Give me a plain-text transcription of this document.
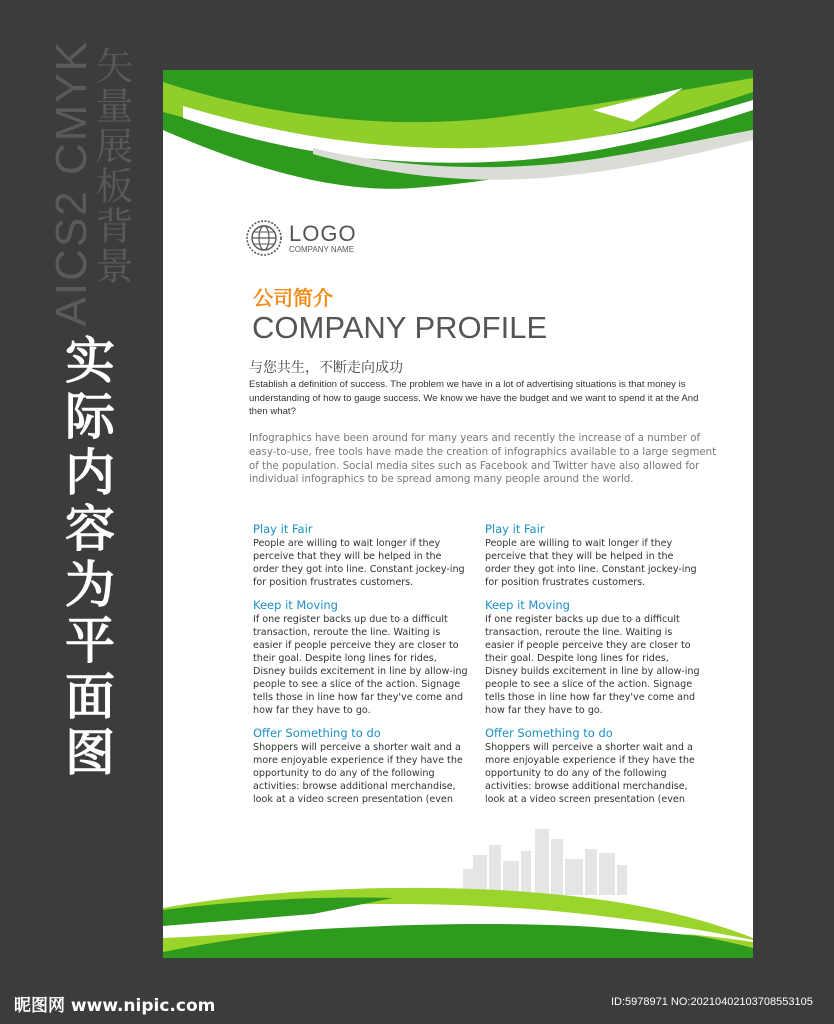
AICS2 CMYK
矢量展板背景
实际内容为平面图
LOGO
COMPANY NAME
公司简介
COMPANY PROFILE
与您共生，不断走向成功
Establish a definition of success. The problem we have in a lot of advertising situations is that money is understanding of how to gauge success. We know we have the budget and we want to spend it at the And then what?
Infographics have been around for many years and recently the increase of a number of easy-to-use, free tools have made the creation of infographics available to a large segment of the population. Social media sites such as Facebook and Twitter have also allowed for individual infographics to be spread among many people around the world.
Play it Fair

People are willing to wait longer if they perceive that they will be helped in the order they got into line. Constant jockey-ing for position frustrates customers.

Keep it Moving

If one register backs up due to a difficult transaction, reroute the line. Waiting is easier if people perceive they are closer to their goal. Despite long lines for rides, Disney builds excitement in line by allow-ing people to see a slice of the action. Signage tells those in line how far they've come and how far they have to go.

Offer Something to do

Shoppers will perceive a shorter wait and a more enjoyable experience if they have the opportunity to do any of the following activities: browse additional merchandise, look at a video screen presentation (even

Play it Fair

People are willing to wait longer if they perceive that they will be helped in the order they got into line. Constant jockey-ing for position frustrates customers.

Keep it Moving

If one register backs up due to a difficult transaction, reroute the line. Waiting is easier if people perceive they are closer to their goal. Despite long lines for rides, Disney builds excitement in line by allow-ing people to see a slice of the action. Signage tells those in line how far they've come and how far they have to go.

Offer Something to do

Shoppers will perceive a shorter wait and a more enjoyable experience if they have the opportunity to do any of the following activities: browse additional merchandise, look at a video screen presentation (even

昵图网 www.nipic.com	ID:5978971 NO:20210402103708553105
